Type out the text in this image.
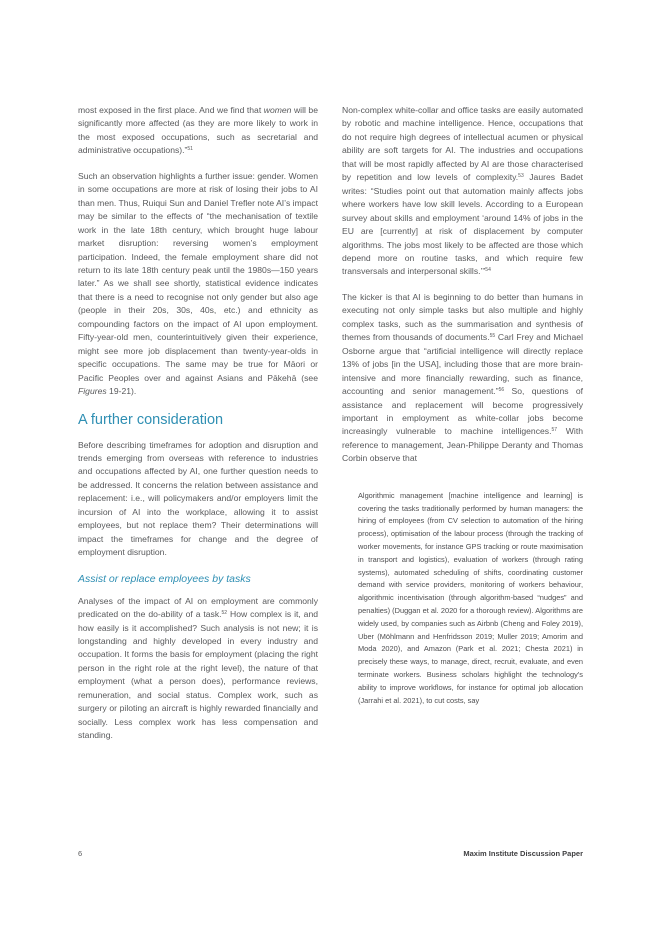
most exposed in the first place. And we find that women will be significantly more affected (as they are more likely to work in the most exposed occupations, such as secretarial and administrative occupations).”$^{51}$

Such an observation highlights a further issue: gender. Women in some occupations are more at risk of losing their jobs to AI than men. Thus, Ruiqui Sun and Daniel Trefler note AI’s impact may be similar to the effects of “the mechanisation of textile work in the late 18th century, which brought huge labour market disruption: reversing women’s employment participation. Indeed, the female employment share did not return to its late 18th century peak until the 1980s—150 years later.” As we shall see shortly, statistical evidence indicates that there is a need to recognise not only gender but also age (people in their 20s, 30s, 40s, etc.) and ethnicity as compounding factors on the impact of AI upon employment. Fifty-year-old men, counterintuitively given their experience, might see more job displacement than twenty-year-olds in specific occupations. The same may be true for Māori or Pacific Peoples over and against Asians and Pākehā (see Figures 19-21).

A further consideration

Before describing timeframes for adoption and disruption and trends emerging from overseas with reference to industries and occupations affected by AI, one further question needs to be addressed. It concerns the relation between assistance and replacement: i.e., will policymakers and/or employers limit the incursion of AI into the workplace, allowing it to assist employees, but not replace them? Their determinations will impact the timeframes for change and the degree of employment disruption.

Assist or replace employees by tasks

Analyses of the impact of AI on employment are commonly predicated on the do-ability of a task.$^{52}$ How complex is it, and how easily is it accomplished? Such analysis is not new; it is longstanding and highly developed in every industry and occupation. It forms the basis for employment (placing the right person in the right role at the right level), the nature of that employment (what a person does), performance reviews, remuneration, and social status. Complex work, such as surgery or piloting an aircraft is highly rewarded financially and socially. Less complex work has less compensation and standing.

Non-complex white-collar and office tasks are easily automated by robotic and machine intelligence. Hence, occupations that do not require high degrees of intellectual acumen or physical ability are soft targets for AI. The industries and occupations that will be most rapidly affected by AI are those characterised by repetition and low levels of complexity.$^{53}$ Jaures Badet writes: “Studies point out that automation mainly affects jobs where workers have low skill levels. According to a European survey about skills and employment ‘around 14% of jobs in the EU are [currently] at risk of displacement by computer algorithms. The jobs most likely to be affected are those which depend more on routine tasks, and which require few transversals and interpersonal skills.’”$^{54}$

The kicker is that AI is beginning to do better than humans in executing not only simple tasks but also multiple and highly complex tasks, such as the summarisation and synthesis of themes from thousands of documents.$^{55}$ Carl Frey and Michael Osborne argue that “artificial intelligence will directly replace 13% of jobs [in the USA], including those that are more brain-intensive and more financially rewarding, such as finance, accounting and senior management.”$^{56}$ So, questions of assistance and replacement will become progressively important in employment as white-collar jobs become increasingly vulnerable to machine intelligences.$^{57}$ With reference to management, Jean-Philippe Deranty and Thomas Corbin observe that

Algorithmic management [machine intelligence and learning] is covering the tasks traditionally performed by human managers: the hiring of employees (from CV selection to automation of the hiring process), optimisation of the labour process (through the tracking of worker movements, for instance GPS tracking or route maximisation in transport and logistics), evaluation of workers (through rating systems), automated scheduling of shifts, coordinating customer demand with service providers, monitoring of workers behaviour, algorithmic incentivisation (through algorithm-based “nudges” and penalties) (Duggan et al. 2020 for a thorough review). Algorithms are widely used, by companies such as Airbnb (Cheng and Foley 2019), Uber (Möhlmann and Henfridsson 2019; Muller 2019; Amorim and Moda 2020), and Amazon (Park et al. 2021; Chesta 2021) in precisely these ways, to manage, direct, recruit, evaluate, and even terminate workers. Business scholars highlight the technology’s ability to improve workflows, for instance for optimal job allocation (Jarrahi et al. 2021), to cut costs, say

6	Maxim Institute Discussion Paper
